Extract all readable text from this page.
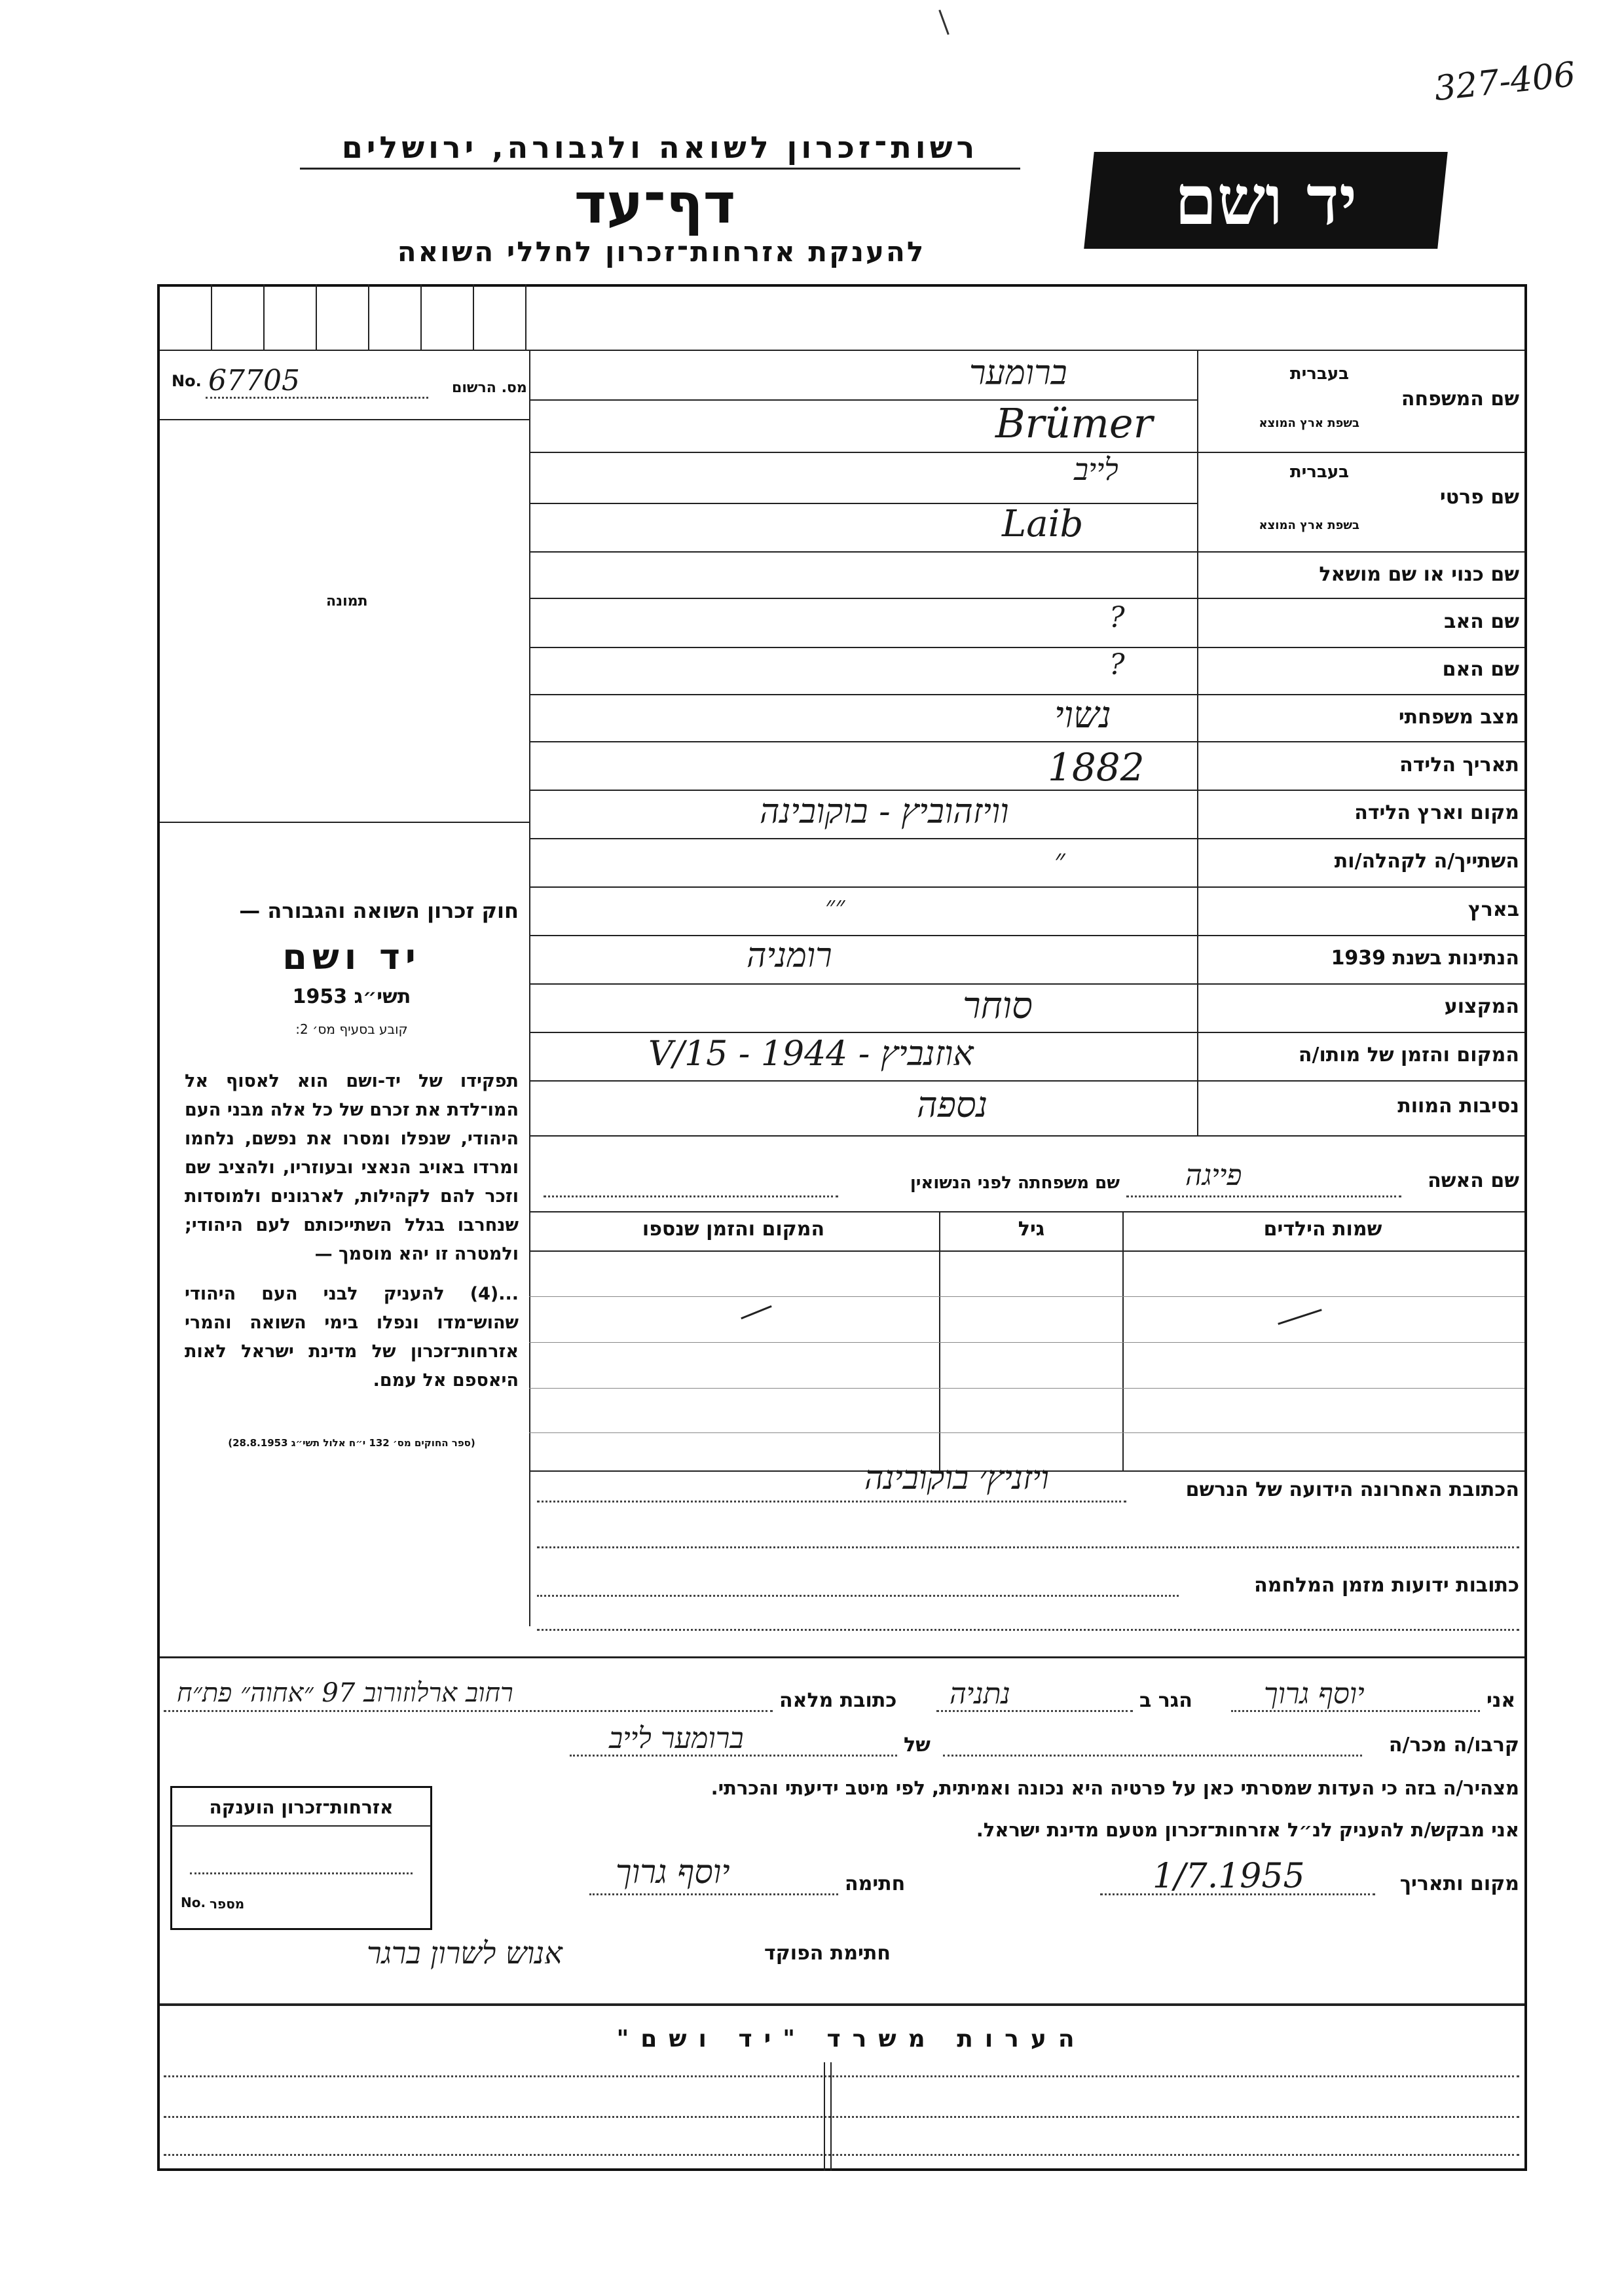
327-406
רשות־זכרון לשואה ולגבורה, ירושלים
דף־עד
להענקת אזרחות־זכרון לחללי השואה
יד ושם
מס. הרשום
No. 67705
תמונה
חוק זכרון השואה והגבורה —
יד ושם
תשי״ג 1953
קובע בסעיף מס׳ 2:
תפקידו של יד-ושם הוא לאסוף אל המו־לדת את זכרם של כל אלה מבני העם היהודי, שנפלו ומסרו את נפשם, נלחמו ומרדו באויב הנאצי ובעוזריו, ולהציב שם וזכר להם לקהילות, לארגונים ולמוסדות שנחרבו בגלל השתייכותם לעם היהודי; ולמטרה זו יהא מוסמך —
...(4) להעניק לבני העם היהודי שהוש־מדו ונפלו בימי השואה והמרי אזרחות־זכרון של מדינת ישראל לאות היאספם אל עמם.
(ספר החוקים מס׳ 132 י״ח אלול תשי״ג 28.8.1953)
שם המשפחה
בעברית
בשפת ארץ המוצא
שם פרטי
בעברית
בשפת ארץ המוצא
שם כנוי או שם מושאל
שם האב
שם האם
מצב משפחתי
תאריך הלידה
מקום וארץ הלידה
השתייך/ה לקהלה/ות
בארץ
הנתינות בשנת 1939
המקצוע
המקום והזמן של מותו/ה
נסיבות המוות
ברומער
Brümer
לייב
Laib
?
?
נשוי
1882
וויזהוביץ - בוקובינה
״
״״
רומניה
סוחר
אוזנביץ - 1944 - 15/V
נספה
שם האשה
פייגה
שם משפחתה לפני הנשואין
שמות הילדים
גיל
המקום והזמן שנספו
הכתובת האחרונה הידועה של הנרשם
ויזניץ׳ בוקובינה
כתובות ידועות מזמן המלחמה
אני
יוסף גרוך
הגר ב
נתניה
כתובת מלאה
רחוב ארלוזורוב 97 ״אחוה״ פת״ח
קרבו/ה מכר/ה
של
ברומער לייב
מצהיר/ה בזה כי העדות שמסרתי כאן על פרטיה היא נכונה ואמיתית, לפי מיטב ידיעתי והכרתי.
אני מבקש/ת להעניק לנ״ל אזרחות־זכרון מטעם מדינת ישראל.
מקום ותאריך
1/7.1955
חתימה
יוסף גרוך
חתימת הפוקד
אנוש לשרון ברגר
אזרחות־זכרון הוענקה
מספר
No.
הערות משרד "יד ושם"
